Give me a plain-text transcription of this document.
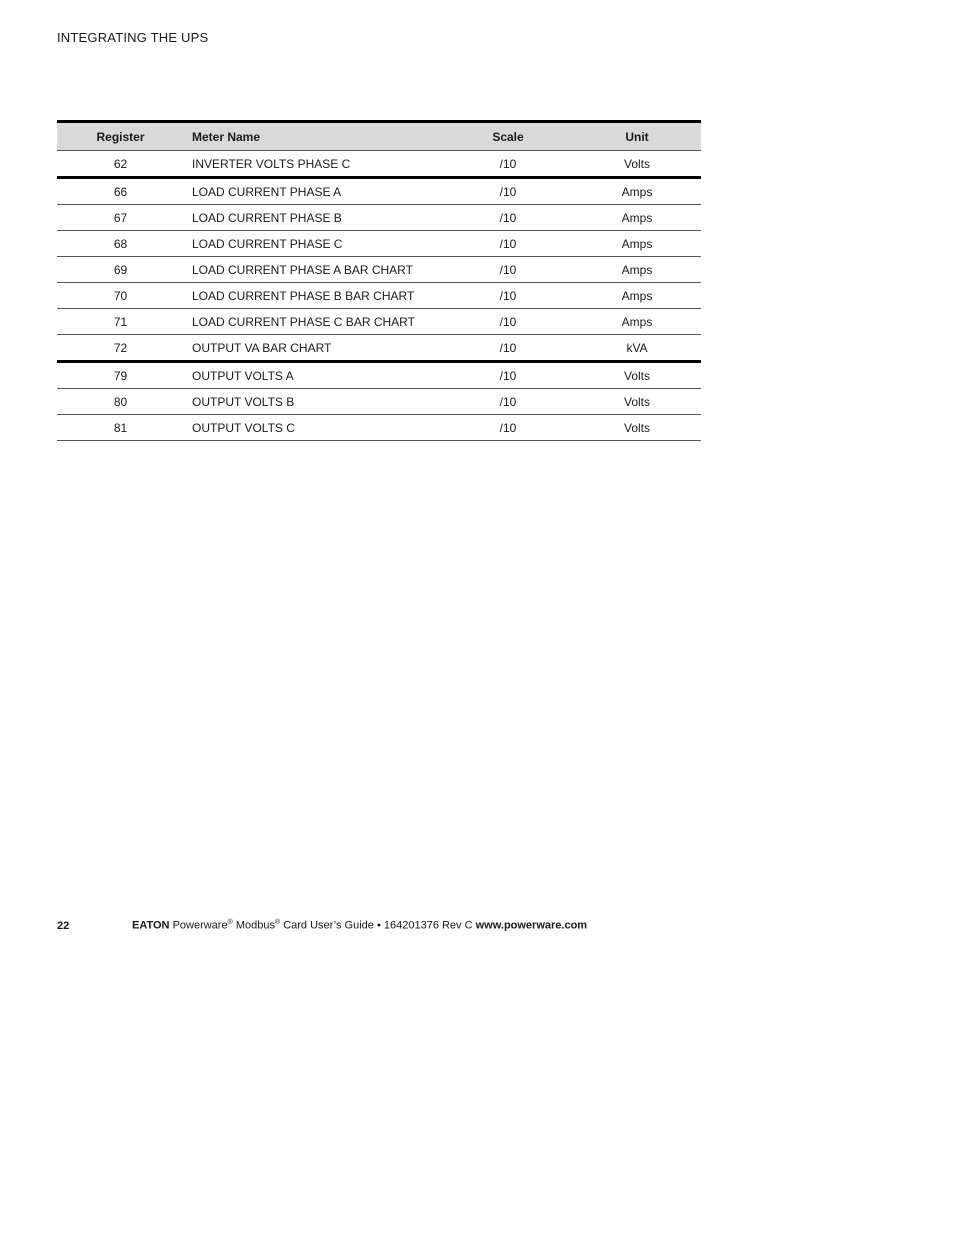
INTEGRATING THE UPS
Register	Meter Name	Scale	Unit
62	INVERTER VOLTS PHASE C	/10	Volts
66	LOAD CURRENT PHASE A	/10	Amps
67	LOAD CURRENT PHASE B	/10	Amps
68	LOAD CURRENT PHASE C	/10	Amps
69	LOAD CURRENT PHASE A BAR CHART	/10	Amps
70	LOAD CURRENT PHASE B BAR CHART	/10	Amps
71	LOAD CURRENT PHASE C BAR CHART	/10	Amps
72	OUTPUT VA BAR CHART	/10	kVA
79	OUTPUT VOLTS A	/10	Volts
80	OUTPUT VOLTS B	/10	Volts
81	OUTPUT VOLTS C	/10	Volts
22	EATON Powerware® Modbus® Card User’s Guide • 164201376 Rev C www.powerware.com
